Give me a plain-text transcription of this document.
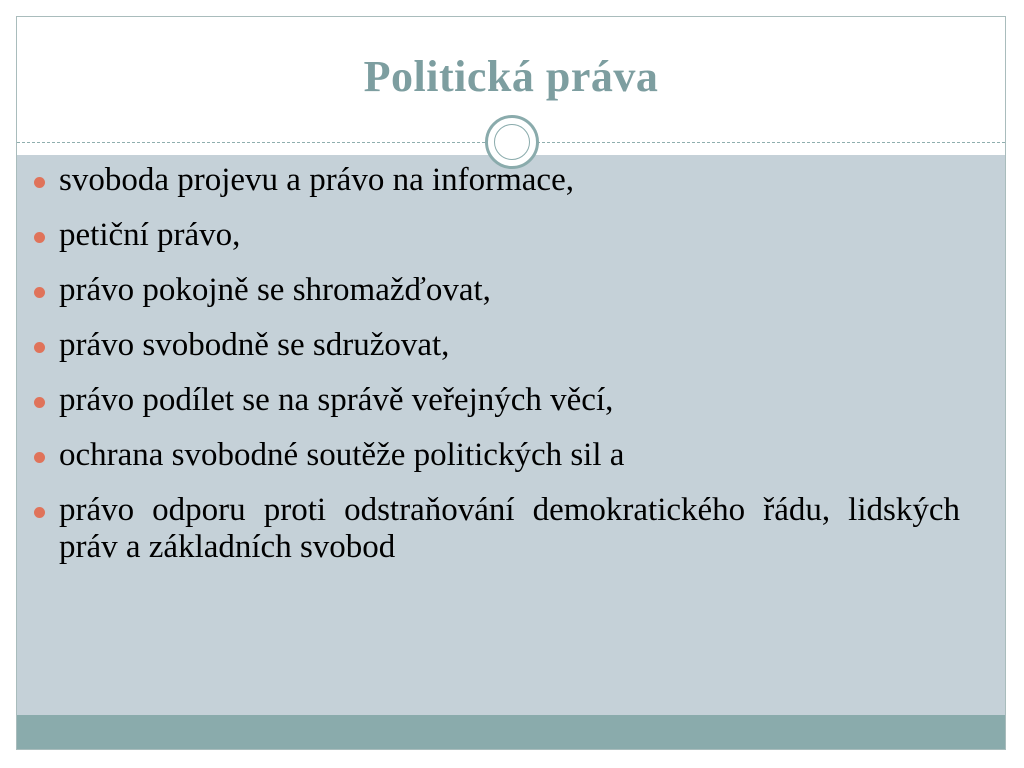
Politická práva
svoboda projevu a právo na informace,
petiční právo,
právo pokojně se shromažďovat,
právo svobodně se sdružovat,
právo podílet se na správě veřejných věcí,
ochrana svobodné soutěže politických sil a
právo odporu proti odstraňování demokratického řádu, lidských práv a základních svobod
